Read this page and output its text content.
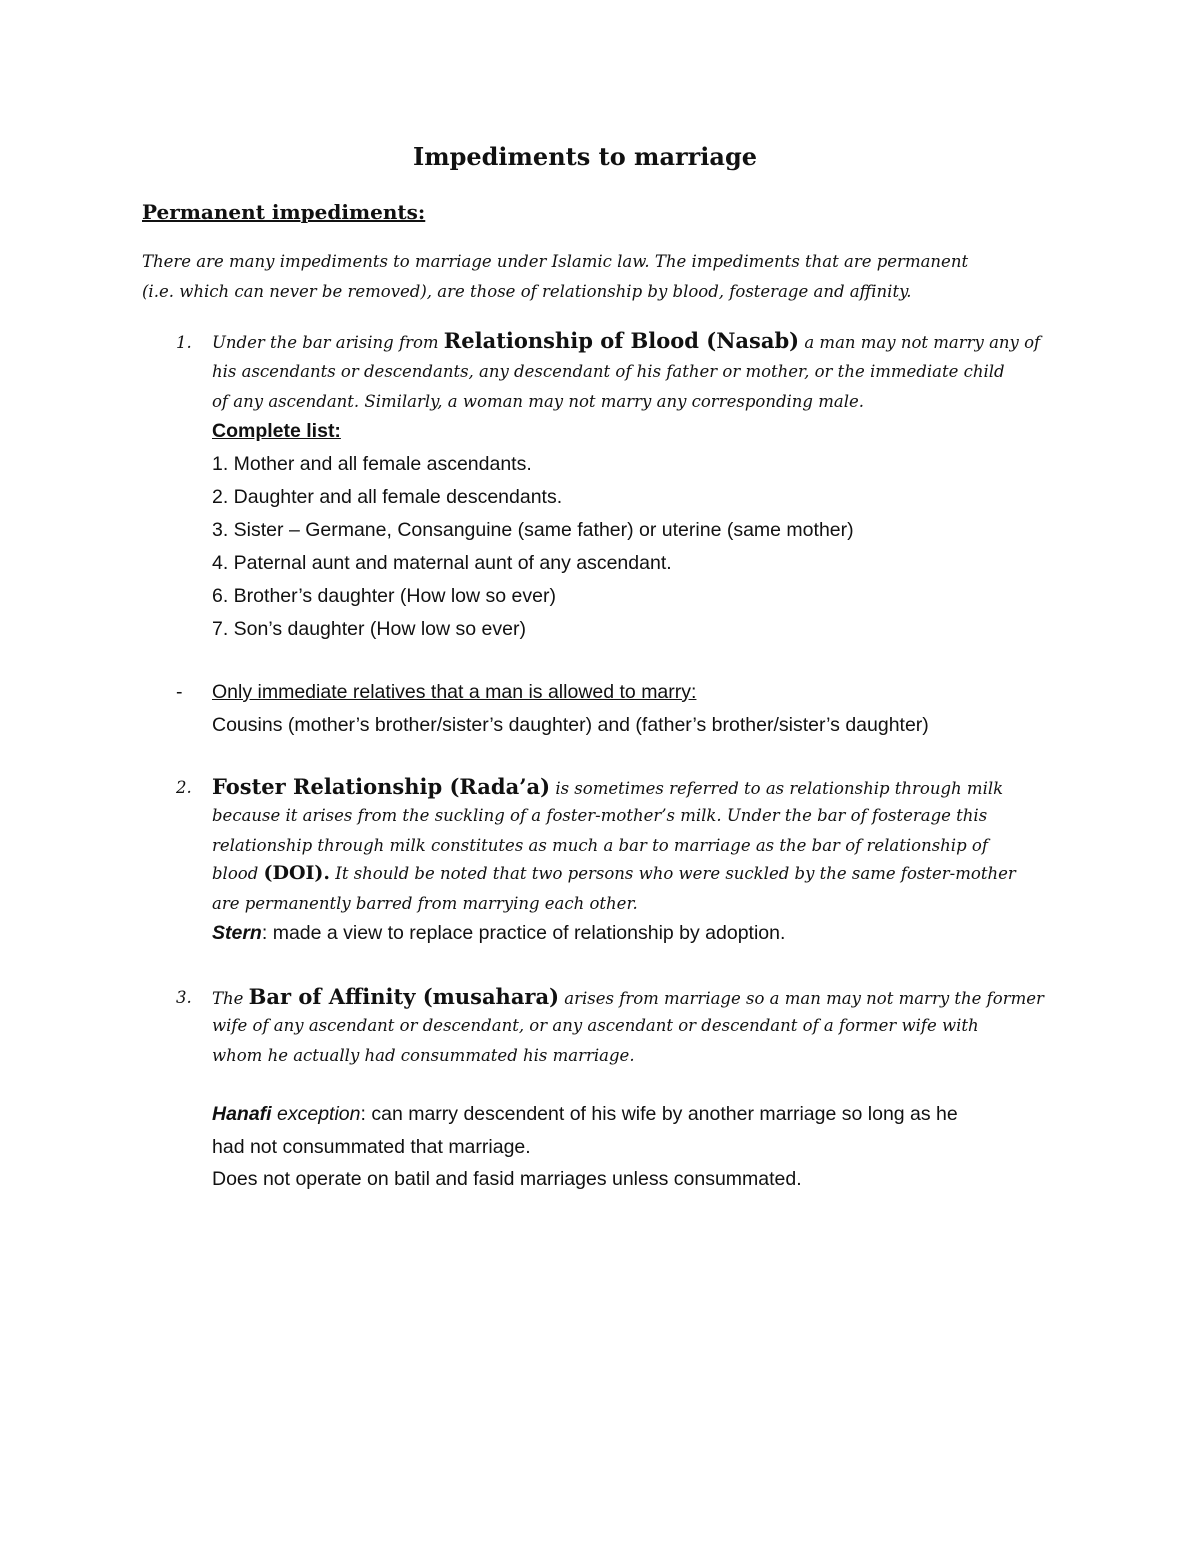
Impediments to marriage
Permanent impediments:
There are many impediments to marriage under Islamic law. The impediments that are permanent
(i.e. which can never be removed), are those of relationship by blood, fosterage and affinity.
1. Under the bar arising from Relationship of Blood (Nasab) a man may not marry any of
his ascendants or descendants, any descendant of his father or mother, or the immediate child
of any ascendant. Similarly, a woman may not marry any corresponding male.
Complete list:
1. Mother and all female ascendants.
2. Daughter and all female descendants.
3. Sister – Germane, Consanguine (same father) or uterine (same mother)
4. Paternal aunt and maternal aunt of any ascendant.
6. Brother’s daughter (How low so ever)
7. Son’s daughter (How low so ever)
- Only immediate relatives that a man is allowed to marry:
Cousins (mother’s brother/sister’s daughter) and (father’s brother/sister’s daughter)
2. Foster Relationship (Rada’a) is sometimes referred to as relationship through milk
because it arises from the suckling of a foster-mother’s milk. Under the bar of fosterage this
relationship through milk constitutes as much a bar to marriage as the bar of relationship of
blood (DOI). It should be noted that two persons who were suckled by the same foster-mother
are permanently barred from marrying each other.
Stern: made a view to replace practice of relationship by adoption.
3. The Bar of Affinity (musahara) arises from marriage so a man may not marry the former
wife of any ascendant or descendant, or any ascendant or descendant of a former wife with
whom he actually had consummated his marriage.
Hanafi exception: can marry descendent of his wife by another marriage so long as he
had not consummated that marriage.
Does not operate on batil and fasid marriages unless consummated.
